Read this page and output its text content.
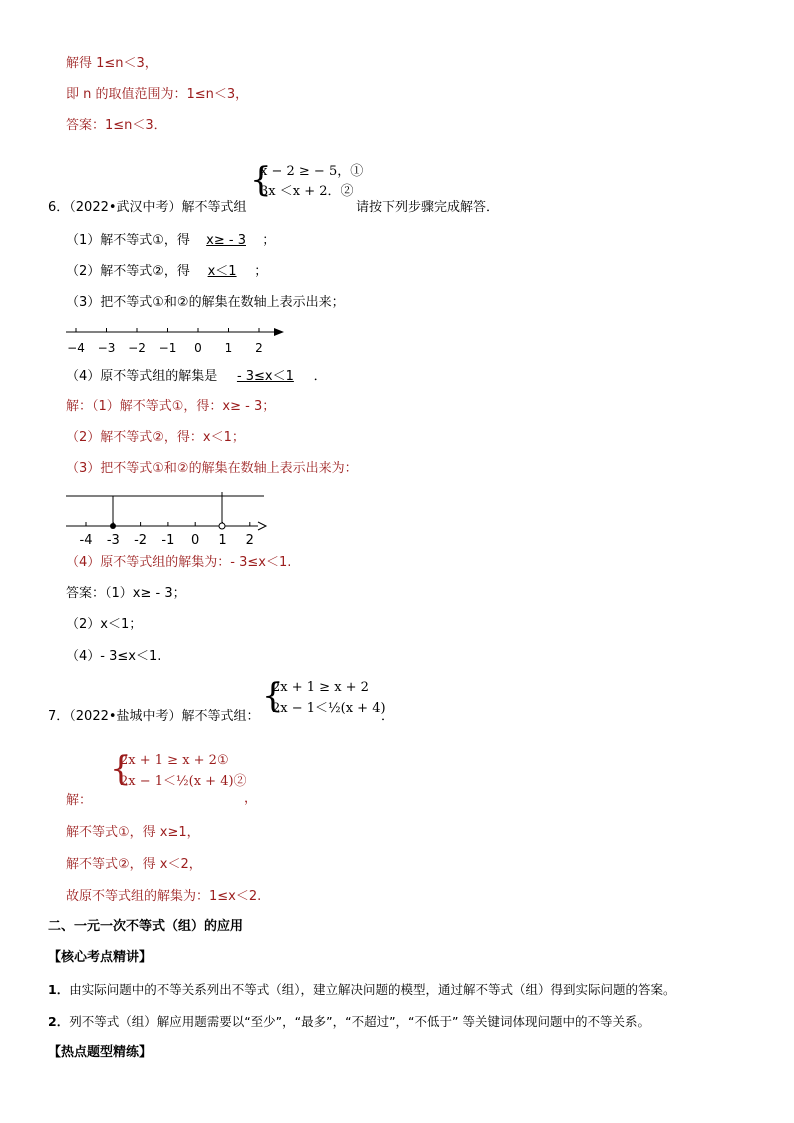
解得 1≤n＜3，
即 n 的取值范围为：1≤n＜3，
答案：1≤n＜3．
{
x − 2 ≥ − 5，①
3x ＜x + 2．②
6．（2022•武汉中考）解不等式组	请按下列步骤完成解答．
（1）解不等式①，得 x≥ - 3 ；
（2）解不等式②，得 x＜1 ；
（3）把不等式①和②的解集在数轴上表示出来；
−4 −3 −2 −1 0 1 2
（4）原不等式组的解集是 - 3≤x＜1 ．
解：（1）解不等式①，得：x≥ - 3；
（2）解不等式②，得：x＜1；
（3）把不等式①和②的解集在数轴上表示出来为：
-4 -3 -2 -1 0 1 2
（4）原不等式组的解集为：- 3≤x＜1.
答案：（1）x≥ - 3；
（2）x＜1；
（4）- 3≤x＜1.
{
2x + 1 ≥ x + 2
2x − 1＜½(x + 4)
7．（2022•盐城中考）解不等式组：	．
{
2x + 1 ≥ x + 2①
2x − 1＜½(x + 4)②
解：	，
解不等式①，得 x≥1，
解不等式②，得 x＜2，
故原不等式组的解集为：1≤x＜2.
二、一元一次不等式（组）的应用
【核心考点精讲】
1．由实际问题中的不等关系列出不等式（组），建立解决问题的模型，通过解不等式（组）得到实际问题的答案。
2．列不等式（组）解应用题需要以“至少”，“最多”，“不超过”，“不低于” 等关键词体现问题中的不等关系。
【热点题型精练】
